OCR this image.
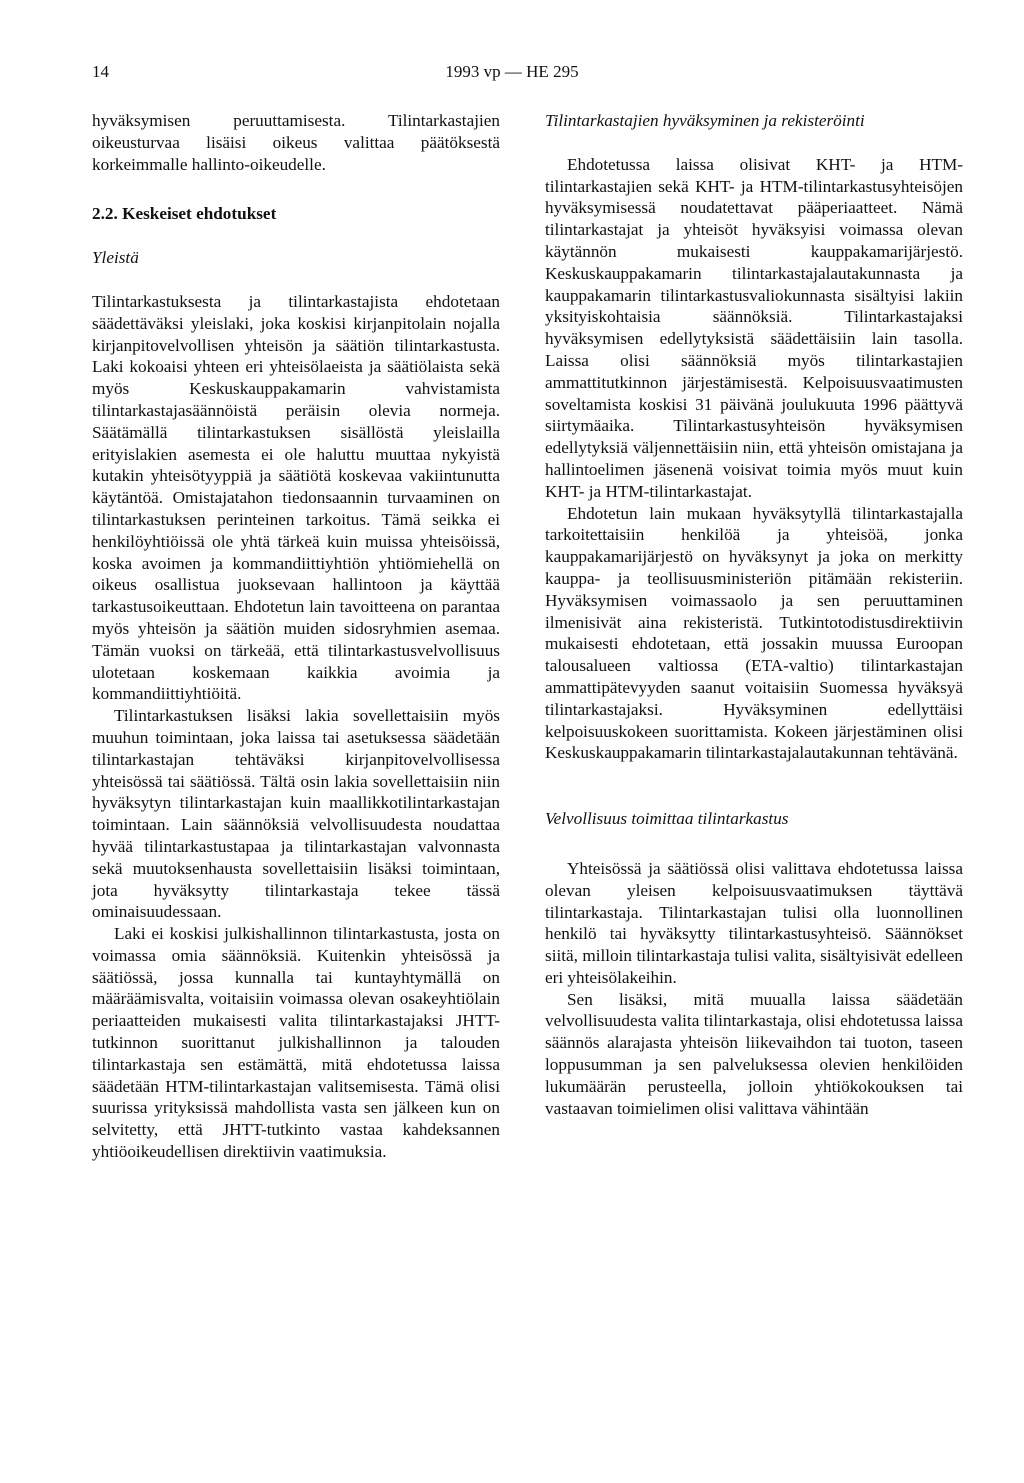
14	1993 vp — HE 295

hyväksymisen peruuttamisesta. Tilintarkastajien oikeusturvaa lisäisi oikeus valittaa päätöksestä korkeimmalle hallinto-oikeudelle.

2.2. Keskeiset ehdotukset

Yleistä

Tilintarkastuksesta ja tilintarkastajista ehdotetaan säädettäväksi yleislaki, joka koskisi kirjanpitolain nojalla kirjanpitovelvollisen yhteisön ja säätiön tilintarkastusta. Laki kokoaisi yhteen eri yhteisölaeista ja säätiölaista sekä myös Keskuskauppakamarin vahvistamista tilintarkastajasäännöistä peräisin olevia normeja. Säätämällä tilintarkastuksen sisällöstä yleislailla erityislakien asemesta ei ole haluttu muuttaa nykyistä kutakin yhteisötyyppiä ja säätiötä koskevaa vakiintunutta käytäntöä. Omistajatahon tiedonsaannin turvaaminen on tilintarkastuksen perinteinen tarkoitus. Tämä seikka ei henkilöyhtiöissä ole yhtä tärkeä kuin muissa yhteisöissä, koska avoimen ja kommandiittiyhtiön yhtiömiehellä on oikeus osallistua juoksevaan hallintoon ja käyttää tarkastusoikeuttaan. Ehdotetun lain tavoitteena on parantaa myös yhteisön ja säätiön muiden sidosryhmien asemaa. Tämän vuoksi on tärkeää, että tilintarkastusvelvollisuus ulotetaan koskemaan kaikkia avoimia ja kommandiittiyhtiöitä.

Tilintarkastuksen lisäksi lakia sovellettaisiin myös muuhun toimintaan, joka laissa tai asetuksessa säädetään tilintarkastajan tehtäväksi kirjanpitovelvollisessa yhteisössä tai säätiössä. Tältä osin lakia sovellettaisiin niin hyväksytyn tilintarkastajan kuin maallikkotilintarkastajan toimintaan. Lain säännöksiä velvollisuudesta noudattaa hyvää tilintarkastustapaa ja tilintarkastajan valvonnasta sekä muutoksenhausta sovellettaisiin lisäksi toimintaan, jota hyväksytty tilintarkastaja tekee tässä ominaisuudessaan.

Laki ei koskisi julkishallinnon tilintarkastusta, josta on voimassa omia säännöksiä. Kuitenkin yhteisössä ja säätiössä, jossa kunnalla tai kuntayhtymällä on määräämisvalta, voitaisiin voimassa olevan osakeyhtiölain periaatteiden mukaisesti valita tilintarkastajaksi JHTT-tutkinnon suorittanut julkishallinnon ja talouden tilintarkastaja sen estämättä, mitä ehdotetussa laissa säädetään HTM-tilintarkastajan valitsemisesta. Tämä olisi suurissa yrityksissä mahdollista vasta sen jälkeen kun on selvitetty, että JHTT-tutkinto vastaa kahdeksannen yhtiöoikeudellisen direktiivin vaatimuksia.

Tilintarkastajien hyväksyminen ja rekisteröinti

Ehdotetussa laissa olisivat KHT- ja HTM-tilintarkastajien sekä KHT- ja HTM-tilintarkastusyhteisöjen hyväksymisessä noudatettavat pääperiaatteet. Nämä tilintarkastajat ja yhteisöt hyväksyisi voimassa olevan käytännön mukaisesti kauppakamarijärjestö. Keskuskauppakamarin tilintarkastajalautakunnasta ja kauppakamarin tilintarkastusvaliokunnasta sisältyisi lakiin yksityiskohtaisia säännöksiä. Tilintarkastajaksi hyväksymisen edellytyksistä säädettäisiin lain tasolla. Laissa olisi säännöksiä myös tilintarkastajien ammattitutkinnon järjestämisestä. Kelpoisuusvaatimusten soveltamista koskisi 31 päivänä joulukuuta 1996 päättyvä siirtymäaika. Tilintarkastusyhteisön hyväksymisen edellytyksiä väljennettäisiin niin, että yhteisön omistajana ja hallintoelimen jäsenenä voisivat toimia myös muut kuin KHT- ja HTM-tilintarkastajat.

Ehdotetun lain mukaan hyväksytyllä tilintarkastajalla tarkoitettaisiin henkilöä ja yhteisöä, jonka kauppakamarijärjestö on hyväksynyt ja joka on merkitty kauppa- ja teollisuusministeriön pitämään rekisteriin. Hyväksymisen voimassaolo ja sen peruuttaminen ilmenisivät aina rekisteristä. Tutkintotodistusdirektiivin mukaisesti ehdotetaan, että jossakin muussa Euroopan talousalueen valtiossa (ETA-valtio) tilintarkastajan ammattipätevyyden saanut voitaisiin Suomessa hyväksyä tilintarkastajaksi. Hyväksyminen edellyttäisi kelpoisuuskokeen suorittamista. Kokeen järjestäminen olisi Keskuskauppakamarin tilintarkastajalautakunnan tehtävänä.

Velvollisuus toimittaa tilintarkastus

Yhteisössä ja säätiössä olisi valittava ehdotetussa laissa olevan yleisen kelpoisuusvaatimuksen täyttävä tilintarkastaja. Tilintarkastajan tulisi olla luonnollinen henkilö tai hyväksytty tilintarkastusyhteisö. Säännökset siitä, milloin tilintarkastaja tulisi valita, sisältyisivät edelleen eri yhteisölakeihin.

Sen lisäksi, mitä muualla laissa säädetään velvollisuudesta valita tilintarkastaja, olisi ehdotetussa laissa säännös alarajasta yhteisön liikevaihdon tai tuoton, taseen loppusumman ja sen palveluksessa olevien henkilöiden lukumäärän perusteella, jolloin yhtiökokouksen tai vastaavan toimielimen olisi valittava vähintään
